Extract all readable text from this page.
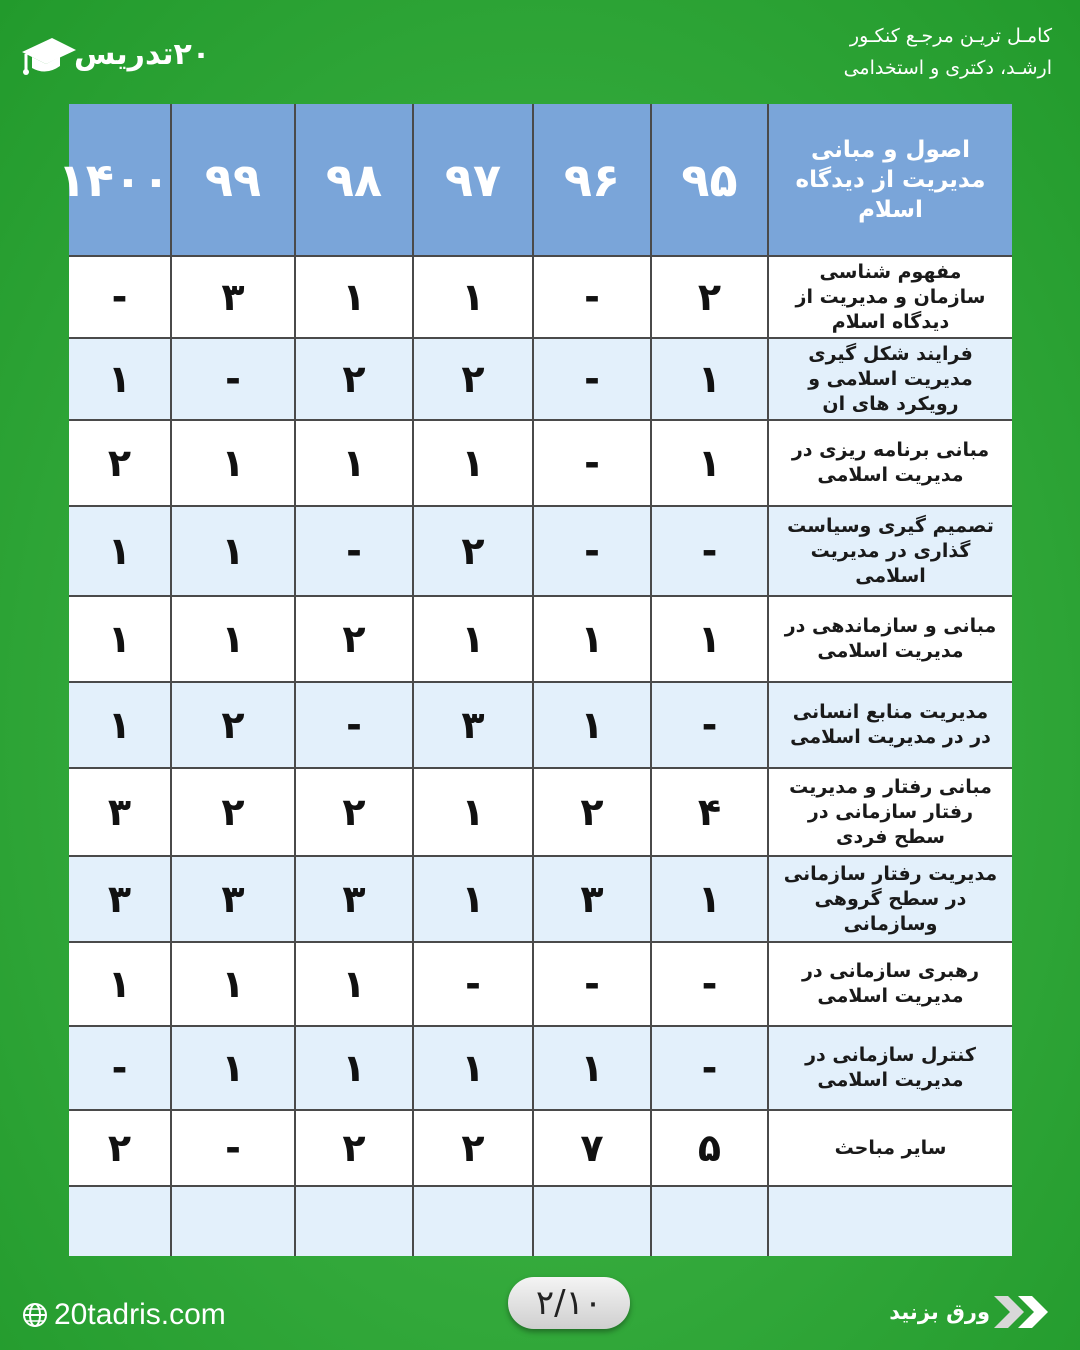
۲۰تدریس
کامـل تریـن مرجـع کنکـور
ارشـد، دکتری و استخدامی
اصول و مبانی مدیریت از دیدگاه اسلام	۹۵	۹۶	۹۷	۹۸	۹۹	۱۴۰۰
مفهوم شناسی سازمان و مدیریت از دیدگاه اسلام	۲	-	۱	۱	۳	-
فرایند شکل گیری مدیریت اسلامی و رویکرد های ان	۱	-	۲	۲	-	۱
مبانی برنامه ریزی در مدیریت اسلامی	۱	-	۱	۱	۱	۲
تصمیم گیری وسیاست گذاری در مدیریت اسلامی	-	-	۲	-	۱	۱
مبانی و سازماندهی در مدیریت اسلامی	۱	۱	۱	۲	۱	۱
مدیریت منابع انسانی در در مدیریت اسلامی	-	۱	۳	-	۲	۱
مبانی رفتار و مدیریت رفتار سازمانی در سطح فردی	۴	۲	۱	۲	۲	۳
مدیریت رفتار سازمانی در سطح گروهی وسازمانی	۱	۳	۱	۳	۳	۳
رهبری سازمانی در مدیریت اسلامی	-	-	-	۱	۱	۱
کنترل سازمانی در مدیریت اسلامی	-	۱	۱	۱	۱	-
سایر مباحث	۵	۷	۲	۲	-	۲

20tadris.com	۲/۱۰	ورق بزنید
